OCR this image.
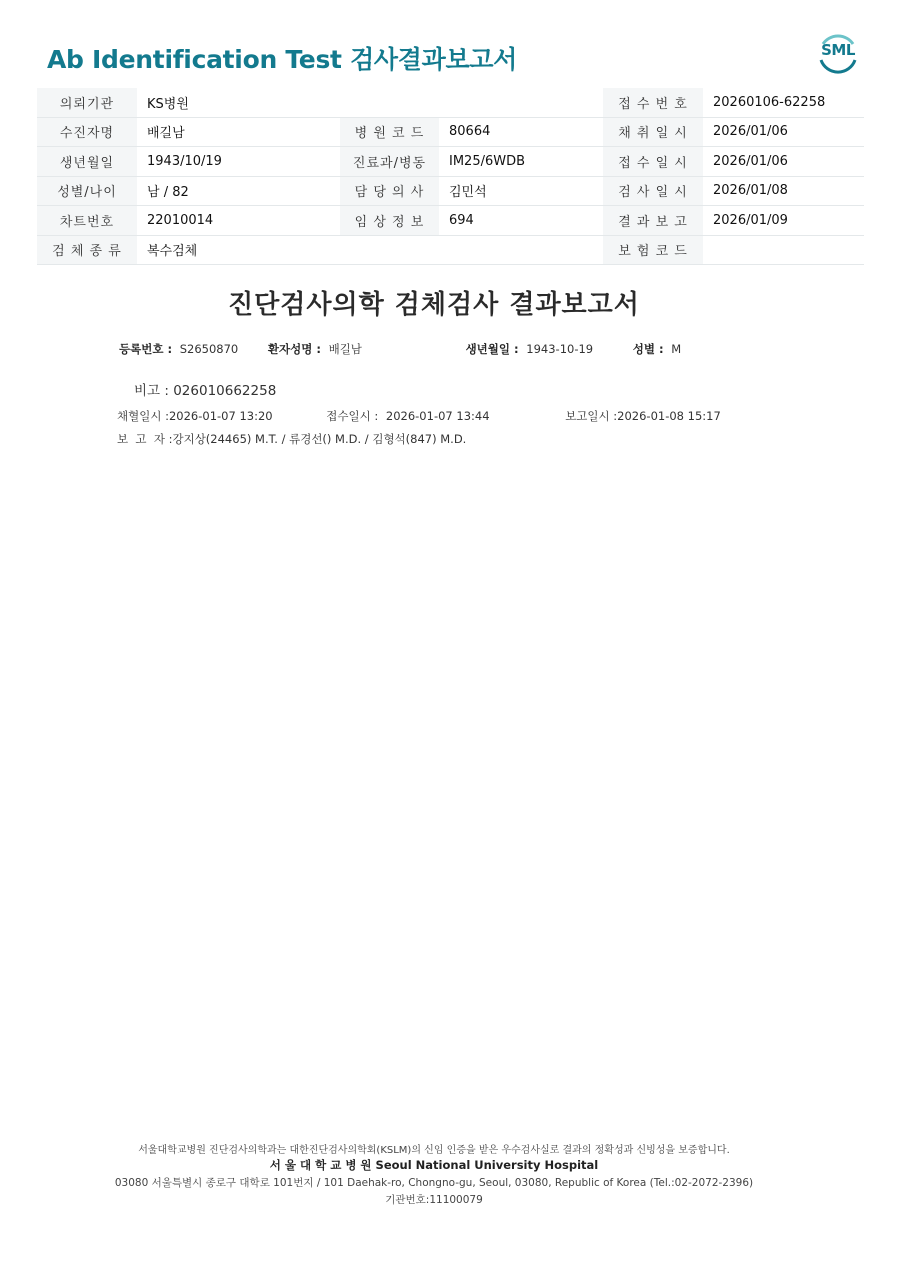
Ab Identification Test 검사결과보고서	SML
의뢰기관	KS병원			접 수 번 호	20260106-62258
수진자명	배길남	병 원 코 드	80664	채 취 일 시	2026/01/06
생년월일	1943/10/19	진료과/병동	IM25/6WDB	접 수 일 시	2026/01/06
성별/나이	남 / 82	담 당 의 사	김민석	검 사 일 시	2026/01/08
차트번호	22010014	임 상 정 보	694	결 과 보 고	2026/01/09
검 체 종 류	복수검체			보 험 코 드	
진단검사의학 검체검사 결과보고서
등록번호 : S2650870	환자성명 : 배길남	생년월일 : 1943-10-19	성별 : M
비고 : 026010662258
채혈일시 :2026-01-07 13:20	접수일시 : 2026-01-07 13:44	보고일시 :2026-01-08 15:17
보  고  자 :강지상(24465) M.T. / 류경선() M.D. / 김형석(847) M.D.
서울대학교병원 진단검사의학과는 대한진단검사의학회(KSLM)의 신임 인증을 받은 우수검사실로 결과의 정확성과 신빙성을 보증합니다.
서 울 대 학 교 병 원 Seoul National University Hospital
03080 서울특별시 종로구 대학로 101번지 / 101 Daehak-ro, Chongno-gu, Seoul, 03080, Republic of Korea (Tel.:02-2072-2396)
기관번호:11100079
